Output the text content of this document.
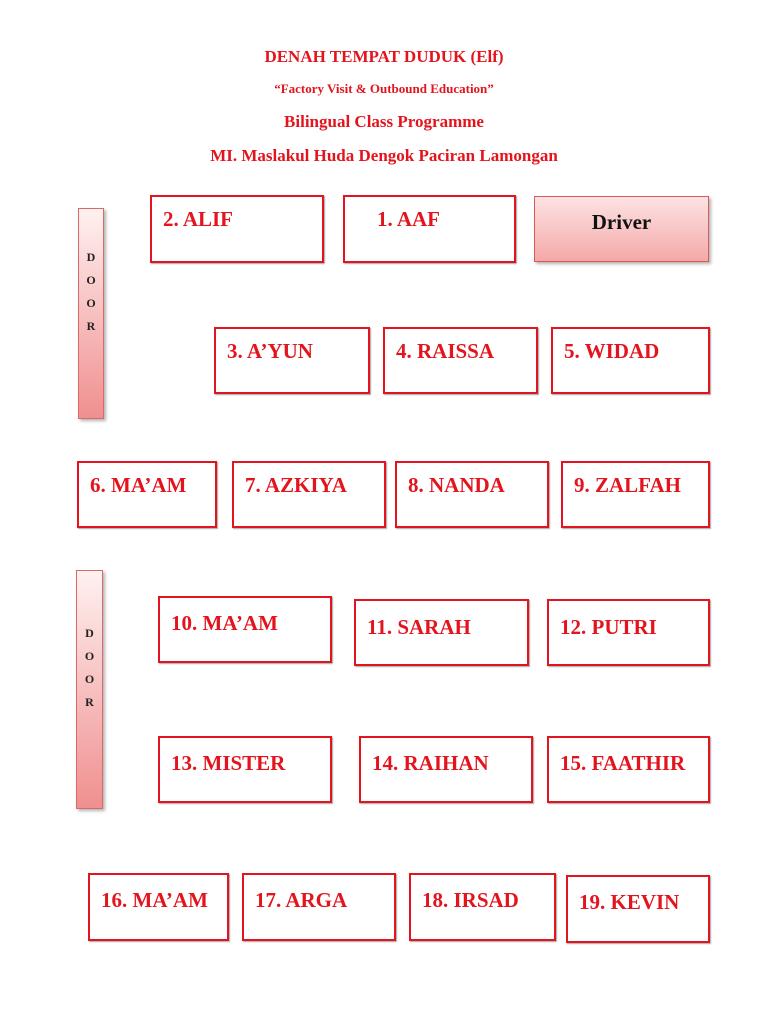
DENAH TEMPAT DUDUK (Elf)
“Factory Visit & Outbound Education”
Bilingual Class Programme
MI. Maslakul Huda Dengok Paciran Lamongan
D
O
O
R
D
O
O
R
Driver
2. ALIF	1. AAF
3. A’YUN	4. RAISSA	5. WIDAD
6. MA’AM	7. AZKIYA	8. NANDA	9. ZALFAH
10. MA’AM	11. SARAH	12. PUTRI
13. MISTER	14. RAIHAN	15. FAATHIR
16. MA’AM 17. ARGA	18. IRSAD	19. KEVIN
